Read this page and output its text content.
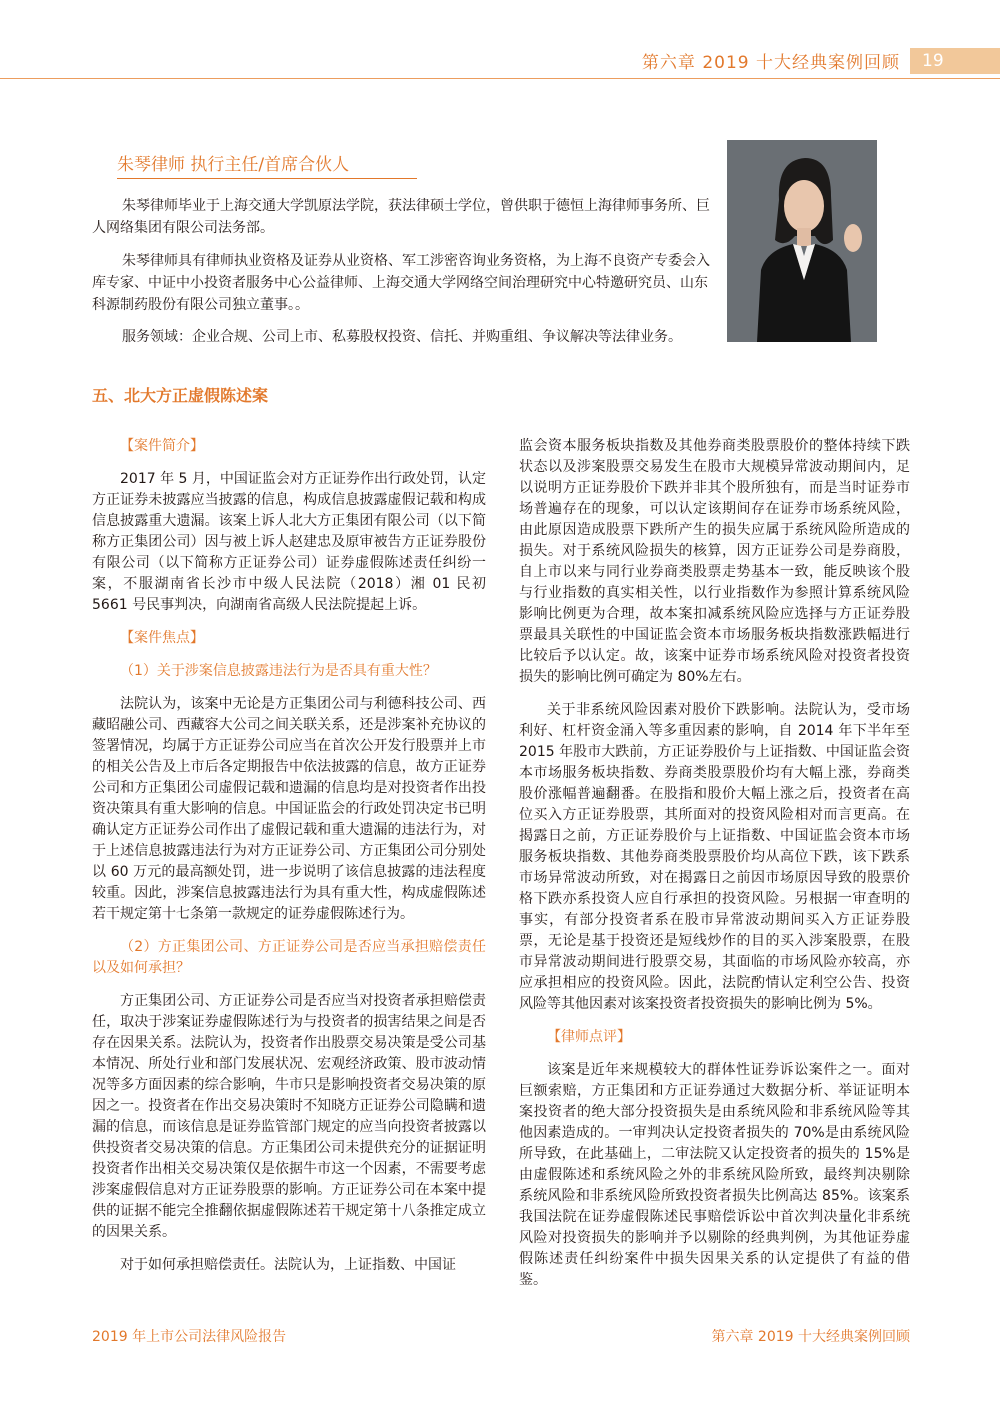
第六章 2019 十大经典案例回顾	19
朱琴律师 执行主任/首席合伙人

朱琴律师毕业于上海交通大学凯原法学院，获法律硕士学位，曾供职于德恒上海律师事务所、巨人网络集团有限公司法务部。

朱琴律师具有律师执业资格及证券从业资格、军工涉密咨询业务资格，为上海不良资产专委会入库专家、中证中小投资者服务中心公益律师、上海交通大学网络空间治理研究中心特邀研究员、山东科源制药股份有限公司独立董事。。

服务领域：企业合规、公司上市、私募股权投资、信托、并购重组、争议解决等法律业务。

五、北大方正虚假陈述案

【案件简介】

2017 年 5 月，中国证监会对方正证券作出行政处罚，认定方正证券未披露应当披露的信息，构成信息披露虚假记载和构成信息披露重大遗漏。该案上诉人北大方正集团有限公司（以下简称方正集团公司）因与被上诉人赵建忠及原审被告方正证券股份有限公司（以下简称方正证券公司）证券虚假陈述责任纠纷一案，不服湖南省长沙市中级人民法院（2018）湘 01 民初 5661 号民事判决，向湖南省高级人民法院提起上诉。

【案件焦点】

（1）关于涉案信息披露违法行为是否具有重大性？

法院认为，该案中无论是方正集团公司与利德科技公司、西藏昭融公司、西藏容大公司之间关联关系，还是涉案补充协议的签署情况，均属于方正证券公司应当在首次公开发行股票并上市的相关公告及上市后各定期报告中依法披露的信息，故方正证券公司和方正集团公司虚假记载和遗漏的信息均是对投资者作出投资决策具有重大影响的信息。中国证监会的行政处罚决定书已明确认定方正证券公司作出了虚假记载和重大遗漏的违法行为，对于上述信息披露违法行为对方正证券公司、方正集团公司分别处以 60 万元的最高额处罚，进一步说明了该信息披露的违法程度较重。因此，涉案信息披露违法行为具有重大性，构成虚假陈述若干规定第十七条第一款规定的证券虚假陈述行为。

（2）方正集团公司、方正证券公司是否应当承担赔偿责任以及如何承担？

方正集团公司、方正证券公司是否应当对投资者承担赔偿责任，取决于涉案证券虚假陈述行为与投资者的损害结果之间是否存在因果关系。法院认为，投资者作出股票交易决策是受公司基本情况、所处行业和部门发展状况、宏观经济政策、股市波动情况等多方面因素的综合影响，牛市只是影响投资者交易决策的原因之一。投资者在作出交易决策时不知晓方正证券公司隐瞒和遗漏的信息，而该信息是证券监管部门规定的应当向投资者披露以供投资者交易决策的信息。方正集团公司未提供充分的证据证明投资者作出相关交易决策仅是依据牛市这一个因素，不需要考虑涉案虚假信息对方正证券股票的影响。方正证券公司在本案中提供的证据不能完全推翻依据虚假陈述若干规定第十八条推定成立的因果关系。

对于如何承担赔偿责任。法院认为，上证指数、中国证

监会资本服务板块指数及其他券商类股票股价的整体持续下跌状态以及涉案股票交易发生在股市大规模异常波动期间内，足以说明方正证券股价下跌并非其个股所独有，而是当时证券市场普遍存在的现象，可以认定该期间存在证券市场系统风险，由此原因造成股票下跌所产生的损失应属于系统风险所造成的损失。对于系统风险损失的核算，因方正证券公司是券商股，自上市以来与同行业券商类股票走势基本一致，能反映该个股与行业指数的真实相关性，以行业指数作为参照计算系统风险影响比例更为合理，故本案扣减系统风险应选择与方正证券股票最具关联性的中国证监会资本市场服务板块指数涨跌幅进行比较后予以认定。故，该案中证券市场系统风险对投资者投资损失的影响比例可确定为 80%左右。

关于非系统风险因素对股价下跌影响。法院认为，受市场利好、杠杆资金涌入等多重因素的影响，自 2014 年下半年至 2015 年股市大跌前，方正证券股价与上证指数、中国证监会资本市场服务板块指数、券商类股票股价均有大幅上涨，券商类股价涨幅普遍翻番。在股指和股价大幅上涨之后，投资者在高位买入方正证券股票，其所面对的投资风险相对而言更高。在揭露日之前，方正证券股价与上证指数、中国证监会资本市场服务板块指数、其他券商类股票股价均从高位下跌，该下跌系市场异常波动所致，对在揭露日之前因市场原因导致的股票价格下跌亦系投资人应自行承担的投资风险。另根据一审查明的事实，有部分投资者系在股市异常波动期间买入方正证券股票，无论是基于投资还是短线炒作的目的买入涉案股票，在股市异常波动期间进行股票交易，其面临的市场风险亦较高，亦应承担相应的投资风险。因此，法院酌情认定利空公告、投资风险等其他因素对该案投资者投资损失的影响比例为 5%。

【律师点评】

该案是近年来规模较大的群体性证券诉讼案件之一。面对巨额索赔，方正集团和方正证券通过大数据分析、举证证明本案投资者的绝大部分投资损失是由系统风险和非系统风险等其他因素造成的。一审判决认定投资者损失的 70%是由系统风险所导致，在此基础上，二审法院又认定投资者的损失的 15%是由虚假陈述和系统风险之外的非系统风险所致，最终判决剔除系统风险和非系统风险所致投资者损失比例高达 85%。该案系我国法院在证券虚假陈述民事赔偿诉讼中首次判决量化非系统风险对投资损失的影响并予以剔除的经典判例，为其他证券虚假陈述责任纠纷案件中损失因果关系的认定提供了有益的借鉴。

2019 年上市公司法律风险报告	第六章 2019 十大经典案例回顾
